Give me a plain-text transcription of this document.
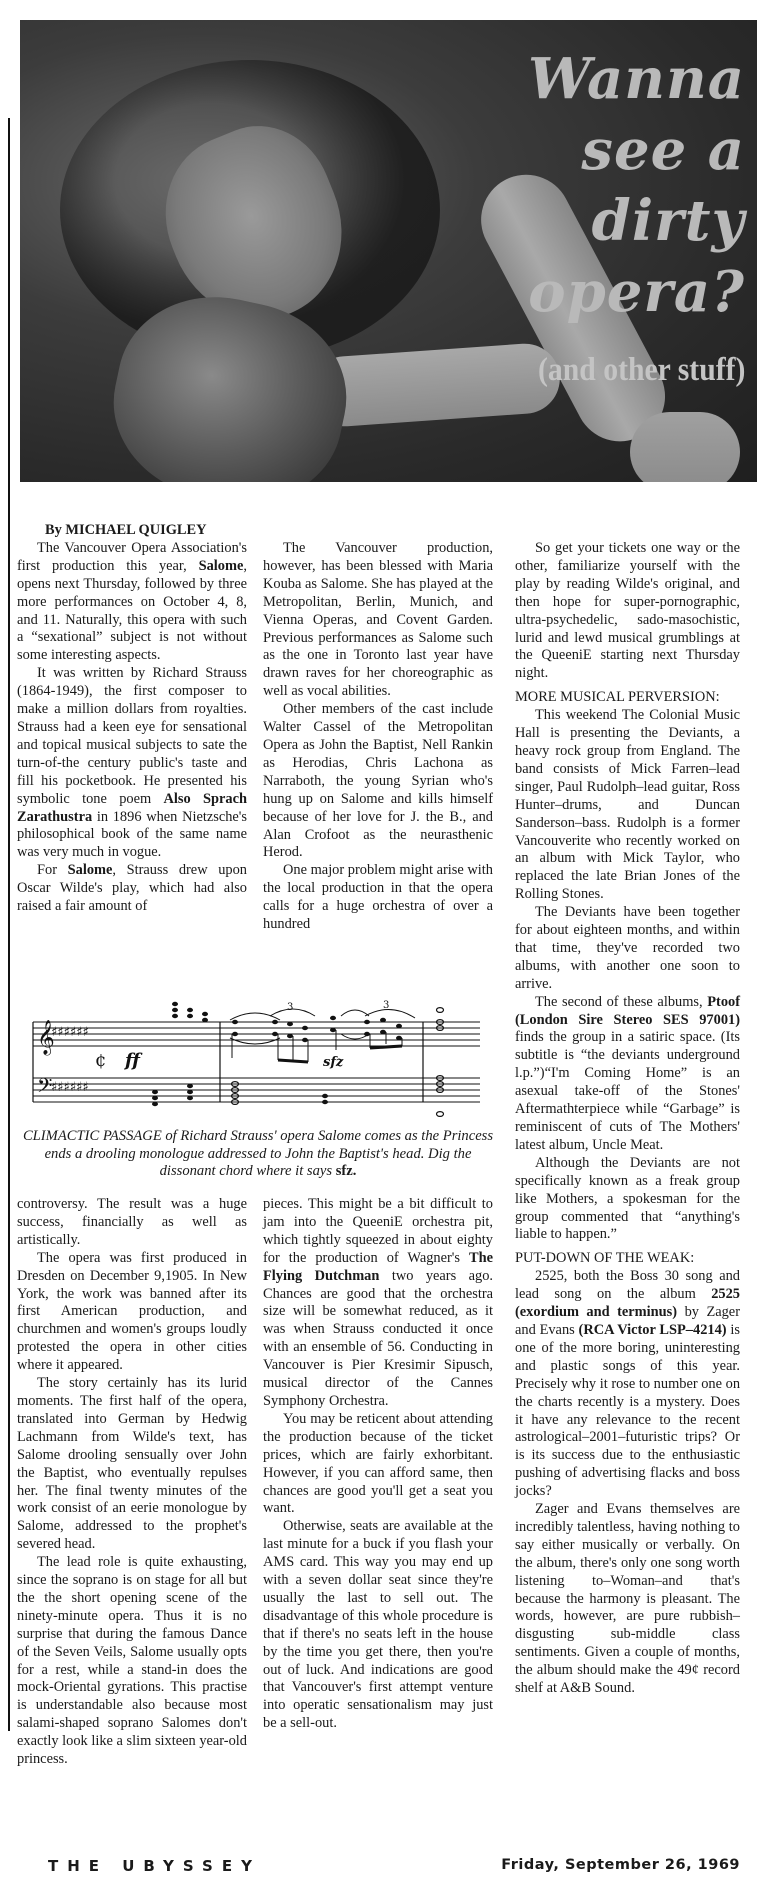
Wanna
see a
dirty
opera?
(and other stuff)

By MICHAEL QUIGLEY

The Vancouver Opera Association's first production this year, Salome, opens next Thursday, followed by three more performances on October 4, 8, and 11. Naturally, this opera with such a “sexational” subject is not without some interesting aspects.

It was written by Richard Strauss (1864-1949), the first composer to make a million dollars from royalties. Strauss had a keen eye for sensational and topical musical subjects to sate the turn-of-the century public's taste and fill his pocketbook. He presented his symbolic tone poem Also Sprach Zarathustra in 1896 when Nietzsche's philosophical book of the same name was very much in vogue.

For Salome, Strauss drew upon Oscar Wilde's play, which had also raised a fair amount of

The Vancouver production, however, has been blessed with Maria Kouba as Salome. She has played at the Metropolitan, Berlin, Munich, and Vienna Operas, and Covent Garden. Previous performances as Salome such as the one in Toronto last year have drawn raves for her choreographic as well as vocal abilities.

Other members of the cast include Walter Cassel of the Metropolitan Opera as John the Baptist, Nell Rankin as Herodias, Chris Lachona as Narraboth, the young Syrian who's hung up on Salome and kills himself because of her love for J. the B., and Alan Crofoot as the neurasthenic Herod.

One major problem might arise with the local production in that the opera calls for a huge orchestra of over a hundred

So get your tickets one way or the other, familiarize yourself with the play by reading Wilde's original, and then hope for super-pornographic, ultra-psychedelic, sado-masochistic, lurid and lewd musical grumblings at the QueeniE starting next Thursday night.

MORE MUSICAL PERVERSION:

This weekend The Colonial Music Hall is presenting the Deviants, a heavy rock group from England. The band consists of Mick Farren–lead singer, Paul Rudolph–lead guitar, Ross Hunter–drums, and Duncan Sanderson–bass. Rudolph is a former Vancouverite who recently worked on an album with Mick Taylor, who replaced the late Brian Jones of the Rolling Stones.

The Deviants have been together for about eighteen months, and within that time, they've recorded two albums, with another one soon to arrive.

The second of these albums, Ptoof (London Sire Stereo SES 97001) finds the group in a satiric space. (Its subtitle is “the deviants underground l.p.”)“I'm Coming Home” is an asexual take-off of the Stones' Aftermathterpiece while “Garbage” is reminiscent of cuts of The Mothers' latest album, Uncle Meat.

Although the Deviants are not specifically known as a freak group like Mothers, a spokesman for the group commented that “anything's liable to happen.”

PUT-DOWN OF THE WEAK:

2525, both the Boss 30 song and lead song on the album 2525 (exordium and terminus) by Zager and Evans (RCA Victor LSP–4214) is one of the more boring, uninteresting and plastic songs of this year. Precisely why it rose to number one on the charts recently is a mystery. Does it have any relevance to the recent astrological–2001–futuristic trips? Or is its success due to the enthusiastic pushing of advertising flacks and boss jocks?

Zager and Evans themselves are incredibly talentless, having nothing to say either musically or verbally. On the album, there's only one song worth listening to–Woman–and that's because the harmony is pleasant. The words, however, are pure rubbish–disgusting sub-middle class sentiments. Given a couple of months, the album should make the 49¢ record shelf at A&B Sound.

𝄞
𝄢
♯♯♯♯♯♯
♯♯♯♯♯♯
¢ ff	sfz
3	3
CLIMACTIC PASSAGE of Richard Strauss' opera Salome comes as the Princess ends a drooling monologue addressed to John the Baptist's head. Dig the dissonant chord where it says sfz.

controversy. The result was a huge success, financially as well as artistically.

The opera was first produced in Dresden on December 9,1905. In New York, the work was banned after its first American production, and churchmen and women's groups loudly protested the opera in other cities where it appeared.

The story certainly has its lurid moments. The first half of the opera, translated into German by Hedwig Lachmann from Wilde's text, has Salome drooling sensually over John the Baptist, who eventually repulses her. The final twenty minutes of the work consist of an eerie monologue by Salome, addressed to the prophet's severed head.

The lead role is quite exhausting, since the soprano is on stage for all but the the short opening scene of the ninety-minute opera. Thus it is no surprise that during the famous Dance of the Seven Veils, Salome usually opts for a rest, while a stand-in does the mock-Oriental gyrations. This practise is understandable also because most salami-shaped soprano Salomes don't exactly look like a slim sixteen year-old princess.

pieces. This might be a bit difficult to jam into the QueeniE orchestra pit, which tightly squeezed in about eighty for the production of Wagner's The Flying Dutchman two years ago. Chances are good that the orchestra size will be somewhat reduced, as it was when Strauss conducted it once with an ensemble of 56. Conducting in Vancouver is Pier Kresimir Sipusch, musical director of the Cannes Symphony Orchestra.

You may be reticent about attending the production because of the ticket prices, which are fairly exhorbitant. However, if you can afford same, then chances are good you'll get a seat you want.

Otherwise, seats are available at the last minute for a buck if you flash your AMS card. This way you may end up with a seven dollar seat since they're usually the last to sell out. The disadvantage of this whole procedure is that if there's no seats left in the house by the time you get there, then you're out of luck. And indications are good that Vancouver's first attempt venture into operatic sensationalism may just be a sell-out.

THE UBYSSEY	Friday, September 26, 1969
